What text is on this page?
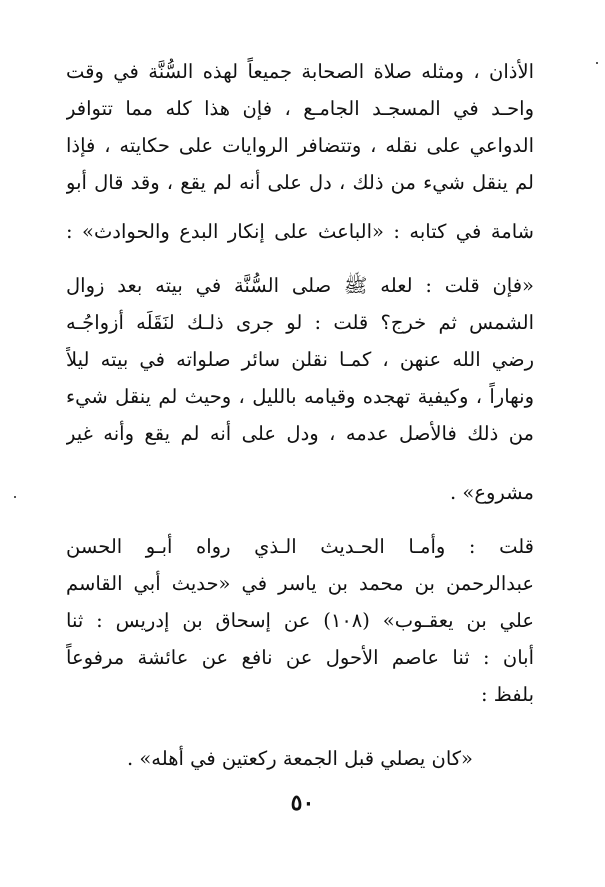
الأذان ، ومثله صلاة الصحابة جميعاً لهذه السُّنَّة في وقت
واحـد في المسجـد الجامـع ، فإن هذا كله مما تتوافر
الدواعي على نقله ، وتتضافر الروايات على حكايته ، فإذا
لم ينقل شيء من ذلك ، دل على أنه لم يقع ، وقد قال أبو
شامة في كتابه : «الباعث على إنكار البدع والحوادث» :
«فإن قلت : لعله ﷺ صلى السُّنَّة في بيته بعد زوال
الشمس ثم خرج؟ قلت : لو جرى ذلـك لنَقَلَه أزواجُـه
رضي الله عنهن ، كمـا نقلن سائر صلواته في بيته ليلاً
ونهاراً ، وكيفية تهجده وقيامه بالليل ، وحيث لم ينقل شيء
من ذلك فالأصل عدمه ، ودل على أنه لم يقع وأنه غير
مشروع» .
قلت : وأمـا الحـديث الـذي رواه أبـو الحسن
عبدالرحمن بن محمد بن ياسر في «حديث أبي القاسم
علي بن يعقـوب» (١٠٨) عن إسحاق بن إدريس : ثنا
أبان : ثنا عاصم الأحول عن نافع عن عائشة مرفوعاً
بلفظ :
«كان يصلي قبل الجمعة ركعتين في أهله» .
٥٠
